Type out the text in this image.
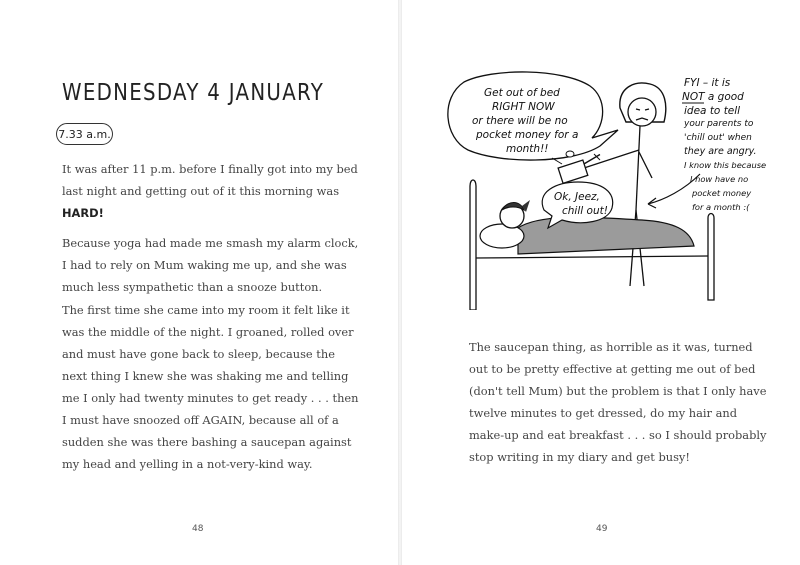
WEDNESDAY 4 JANUARY
7.33 a.m.

It was after 11 p.m. before I finally got into my bed last night and getting out of it this morning was HARD!

Because yoga had made me smash my alarm clock, I had to rely on Mum waking me up, and she was much less sympathetic than a snooze button.

The first time she came into my room it felt like it was the middle of the night. I groaned, rolled over and must have gone back to sleep, because the next thing I knew she was shaking me and telling me I only had twenty minutes to get ready . . . then I must have snoozed off AGAIN, because all of a sudden she was there bashing a saucepan against my head and yelling in a not-very-kind way.

48
Get out of bed
RIGHT NOW
or there will be no
pocket money for a
month!!
Ok, Jeez,
chill out!
FYI – it is
NOT a good
idea to tell
your parents to
'chill out' when
they are angry.
I know this because
I now have no
pocket money
for a month :(

The saucepan thing, as horrible as it was, turned out to be pretty effective at getting me out of bed (don't tell Mum) but the problem is that I only have twelve minutes to get dressed, do my hair and make-up and eat breakfast . . . so I should probably stop writing in my diary and get busy!

49
